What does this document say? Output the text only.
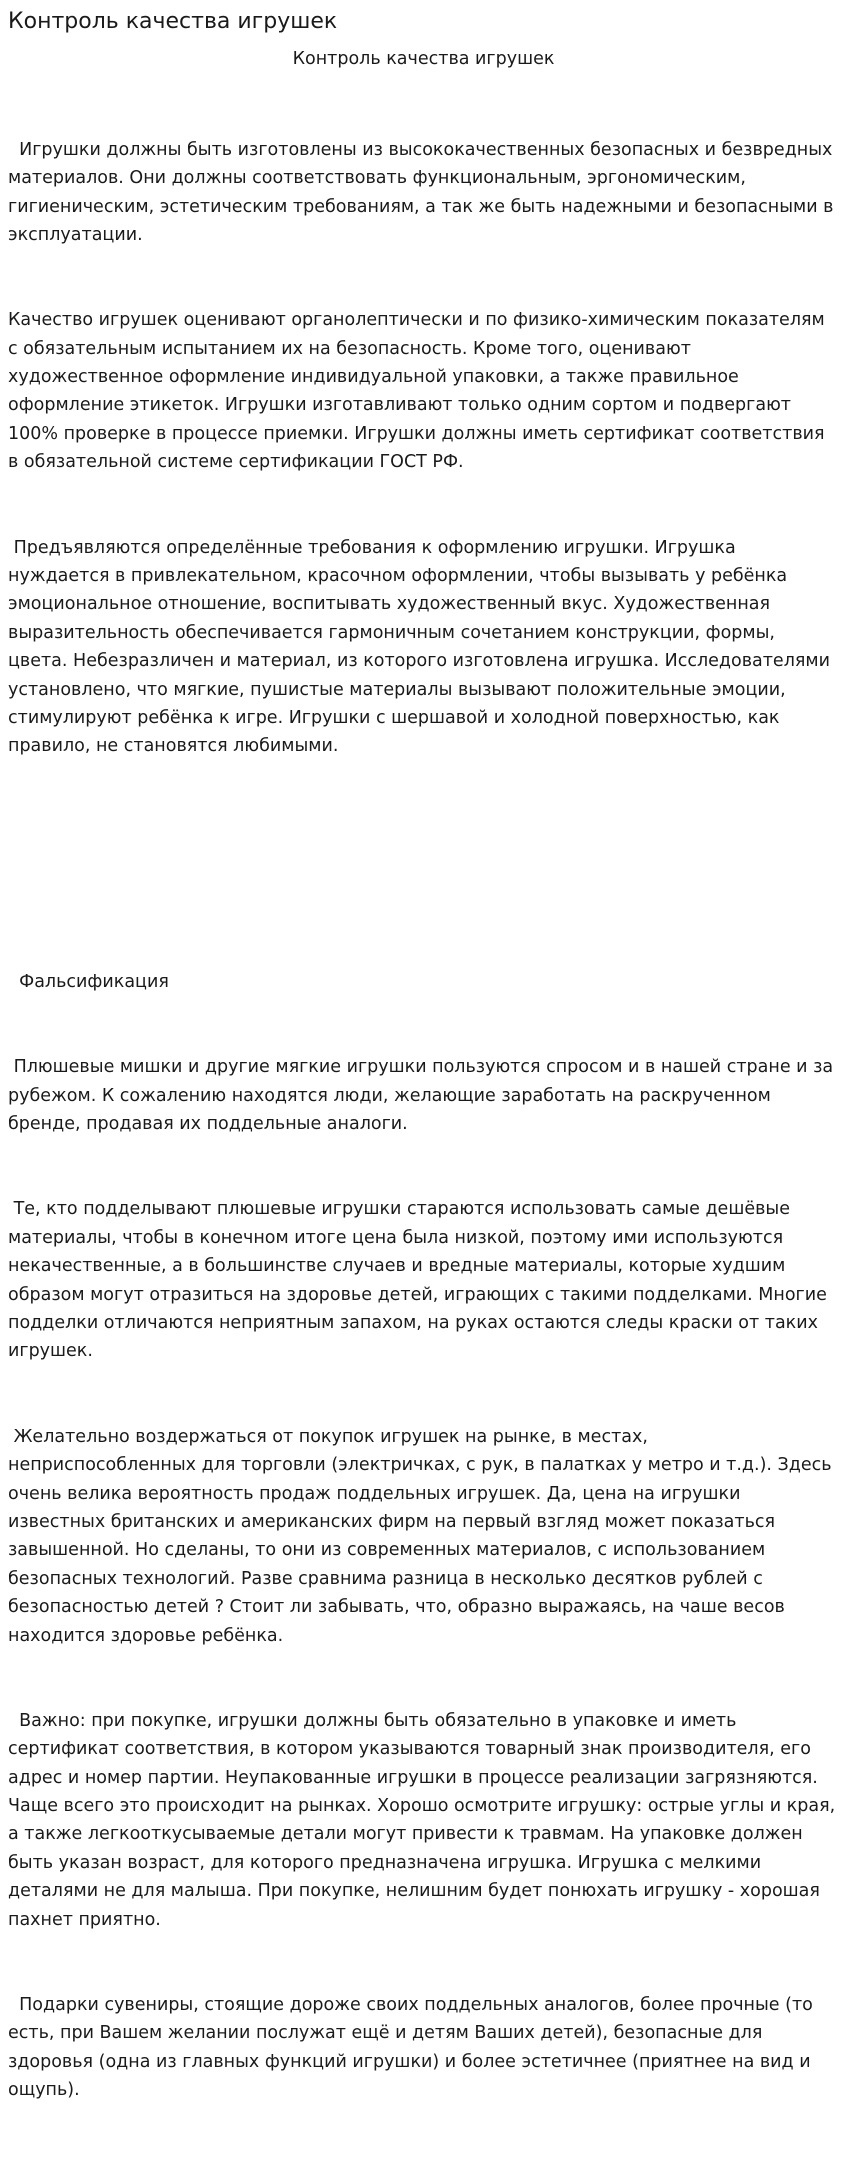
Контроль качества игрушек
Контроль качества игрушек

Игрушки должны быть изготовлены из высококачественных безопасных и безвредных материалов. Они должны соответствовать функциональным, эргономическим, гигиеническим, эстетическим требованиям, а так же быть надежными и безопасными в эксплуатации.

Качество игрушек оценивают органолептически и по физико-химическим показателям с обязательным испытанием их на безопасность. Кроме того, оценивают художественное оформление индивидуальной упаковки, а также правильное оформление этикеток. Игрушки изготавливают только одним сортом и подвергают 100% проверке в процессе приемки. Игрушки должны иметь сертификат соответствия в обязательной системе сертификации ГОСТ РФ.

Предъявляются определённые требования к оформлению игрушки. Игрушка нуждается в привлекательном, красочном оформлении, чтобы вызывать у ребёнка эмоциональное отношение, воспитывать художественный вкус. Художественная выразительность обеспечивается гармоничным сочетанием конструкции, формы, цвета. Небезразличен и материал, из которого изготовлена игрушка. Исследователями установлено, что мягкие, пушистые материалы вызывают положительные эмоции, стимулируют ребёнка к игре. Игрушки с шершавой и холодной поверхностью, как правило, не становятся любимыми.

Фальсификация

Плюшевые мишки и другие мягкие игрушки пользуются спросом и в нашей стране и за рубежом. К сожалению находятся люди, желающие заработать на раскрученном бренде, продавая их поддельные аналоги.

Те, кто подделывают плюшевые игрушки стараются использовать самые дешёвые материалы, чтобы в конечном итоге цена была низкой, поэтому ими используются некачественные, а в большинстве случаев и вредные материалы, которые худшим образом могут отразиться на здоровье детей, играющих с такими подделками. Многие подделки отличаются неприятным запахом, на руках остаются следы краски от таких игрушек.

Желательно воздержаться от покупок игрушек на рынке, в местах, неприспособленных для торговли (электричках, с рук, в палатках у метро и т.д.). Здесь очень велика вероятность продаж поддельных игрушек. Да, цена на игрушки известных британских и американских фирм на первый взгляд может показаться завышенной. Но сделаны, то они из современных материалов, с использованием безопасных технологий. Разве сравнима разница в несколько десятков рублей с безопасностью детей ? Стоит ли забывать, что, образно выражаясь, на чаше весов находится здоровье ребёнка.

Важно: при покупке, игрушки должны быть обязательно в упаковке и иметь сертификат соответствия, в котором указываются товарный знак производителя, его адрес и номер партии. Неупакованные игрушки в процессе реализации загрязняются. Чаще всего это происходит на рынках. Хорошо осмотрите игрушку: острые углы и края, а также легкооткусываемые детали могут привести к травмам. На упаковке должен быть указан возраст, для которого предназначена игрушка. Игрушка с мелкими деталями не для малыша. При покупке, нелишним будет понюхать игрушку - хорошая пахнет приятно.

Подарки сувениры, стоящие дороже своих поддельных аналогов, более прочные (то есть, при Вашем желании послужат ещё и детям Ваших детей), безопасные для здоровья (одна из главных функций игрушки) и более эстетичнее (приятнее на вид и ощупь).
